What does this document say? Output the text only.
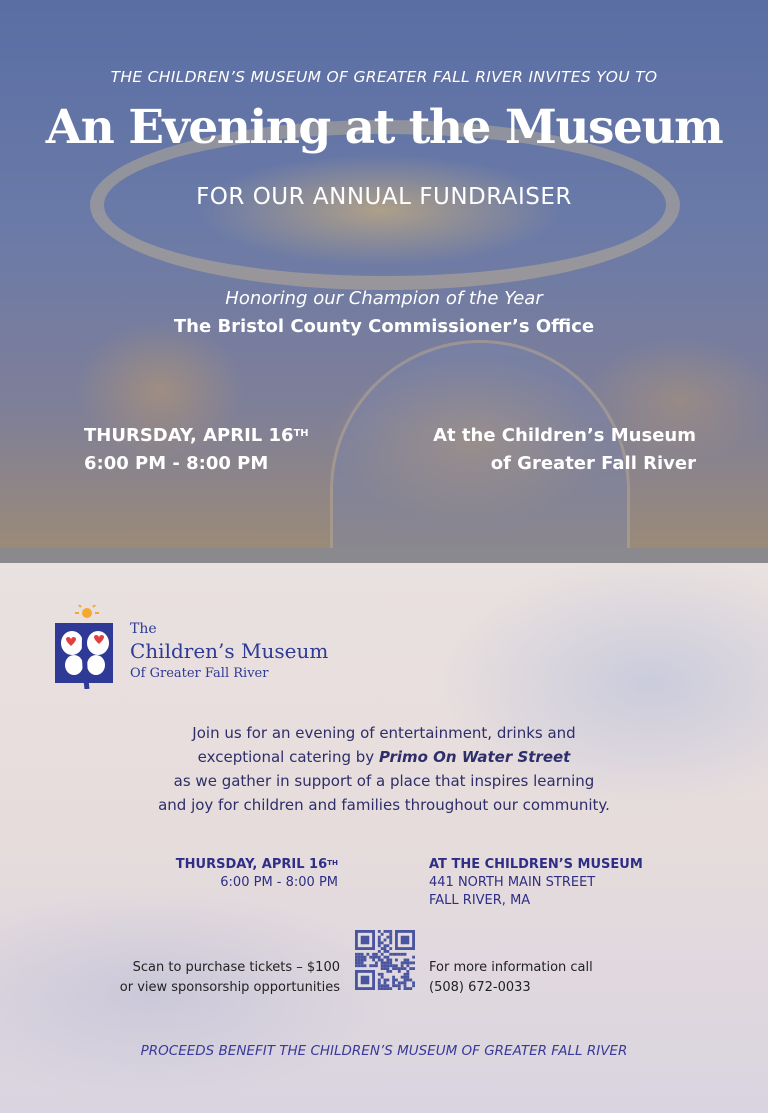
THE CHILDREN’S MUSEUM OF GREATER FALL RIVER INVITES YOU TO
An Evening at the Museum
FOR OUR ANNUAL FUNDRAISER
Honoring our Champion of the Year
The Bristol County Commissioner’s Office
THURSDAY, APRIL 16TH
6:00 PM - 8:00 PM
At the Children’s Museum
of Greater Fall River
The
Children’s Museum
Of Greater Fall River
Join us for an evening of entertainment, drinks and
exceptional catering by Primo On Water Street
as we gather in support of a place that inspires learning
and joy for children and families throughout our community.
THURSDAY, APRIL 16TH
6:00 PM - 8:00 PM
AT THE CHILDREN’S MUSEUM
441 NORTH MAIN STREET
FALL RIVER, MA
Scan to purchase tickets – $100
or view sponsorship opportunities
For more information call
(508) 672-0033
PROCEEDS BENEFIT THE CHILDREN’S MUSEUM OF GREATER FALL RIVER
